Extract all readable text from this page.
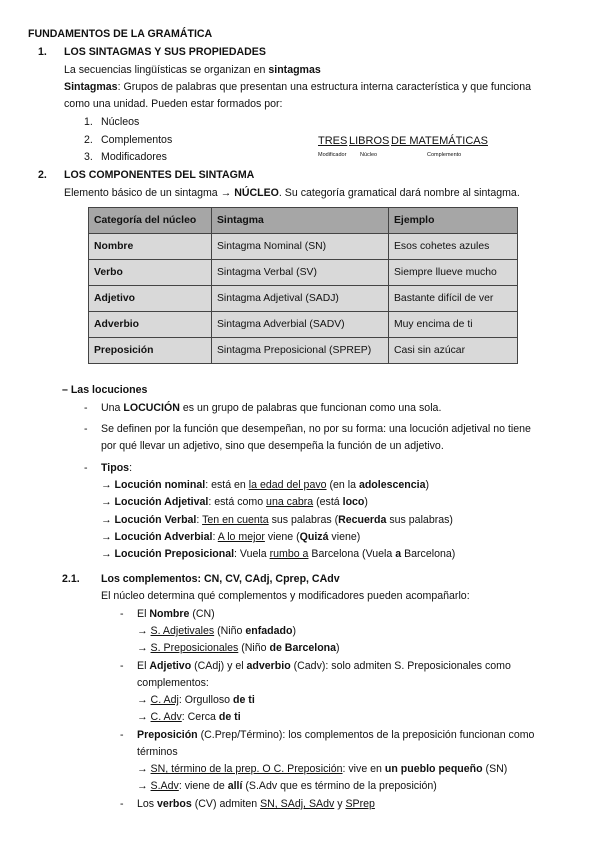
FUNDAMENTOS DE LA GRAMÁTICA
1. LOS SINTAGMAS Y SUS PROPIEDADES
La secuencias lingüísticas se organizan en sintagmas
Sintagmas: Grupos de palabras que presentan una estructura interna característica y que funciona
como una unidad. Pueden estar formados por:
1. Núcleos
2. Complementos
3. Modificadores
TRES LIBROS DE MATEMÁTICAS
Modificador Núcleo	Complemento
2. LOS COMPONENTES DEL SINTAGMA
Elemento básico de un sintagma → NÚCLEO. Su categoría gramatical dará nombre al sintagma.
Categoría del núcleo	Sintagma	Ejemplo
Nombre	Sintagma Nominal (SN)	Esos cohetes azules
Verbo	Sintagma Verbal (SV)	Siempre llueve mucho
Adjetivo	Sintagma Adjetival (SADJ)	Bastante difícil de ver
Adverbio	Sintagma Adverbial (SADV)	Muy encima de ti
Preposición	Sintagma Preposicional (SPREP)	Casi sin azúcar
– Las locuciones
- Una LOCUCIÓN es un grupo de palabras que funcionan como una sola.
- Se definen por la función que desempeñan, no por su forma: una locución adjetival no tiene
por qué llevar un adjetivo, sino que desempeña la función de un adjetivo.
- Tipos:
→ Locución nominal: está en la edad del pavo (en la adolescencia)
→ Locución Adjetival: está como una cabra (está loco)
→ Locución Verbal: Ten en cuenta sus palabras (Recuerda sus palabras)
→ Locución Adverbial: A lo mejor viene (Quizá viene)
→ Locución Preposicional: Vuela rumbo a Barcelona (Vuela a Barcelona)
2.1. Los complementos: CN, CV, CAdj, Cprep, CAdv
El núcleo determina qué complementos y modificadores pueden acompañarlo:
- El Nombre (CN)
→ S. Adjetivales (Niño enfadado)
→ S. Preposicionales (Niño de Barcelona)
- El Adjetivo (CAdj) y el adverbio (Cadv): solo admiten S. Preposicionales como
complementos:
→ C. Adj: Orgulloso de ti
→ C. Adv: Cerca de ti
- Preposición (C.Prep/Término): los complementos de la preposición funcionan como
términos
→ SN, término de la prep. O C. Preposición: vive en un pueblo pequeño (SN)
→ S.Adv: viene de allí (S.Adv que es término de la preposición)
- Los verbos (CV) admiten SN, SAdj, SAdv y SPrep
